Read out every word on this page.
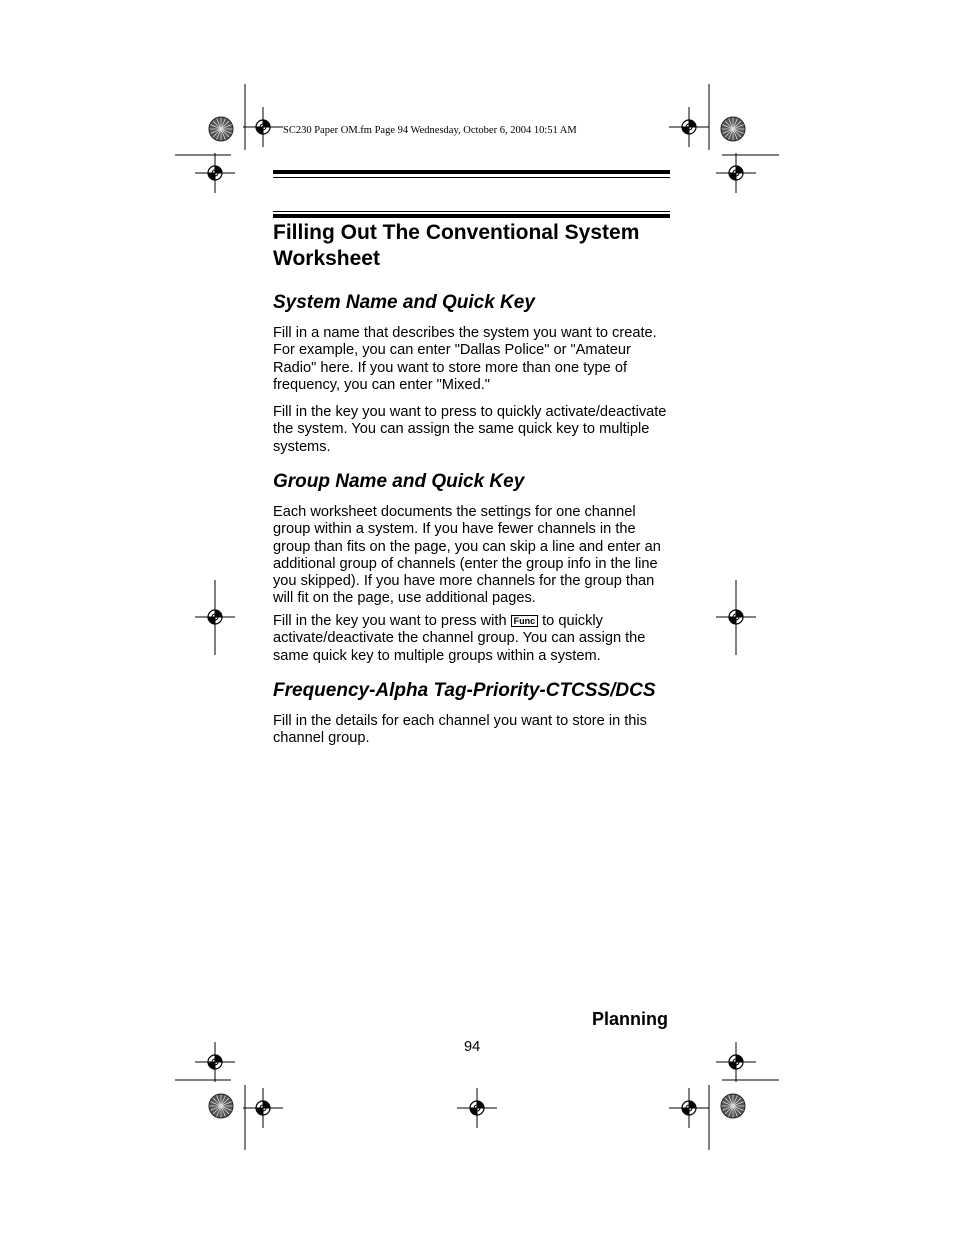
SC230 Paper OM.fm Page 94 Wednesday, October 6, 2004 10:51 AM
Filling Out The Conventional System Worksheet
System Name and Quick Key

Fill in a name that describes the system you want to create. For example, you can enter "Dallas Police" or "Amateur Radio" here. If you want to store more than one type of frequency, you can enter "Mixed."

Fill in the key you want to press to quickly activate/deactivate the system. You can assign the same quick key to multiple systems.

Group Name and Quick Key

Each worksheet documents the settings for one channel group within a system. If you have fewer channels in the group than fits on the page, you can skip a line and enter an additional group of channels (enter the group info in the line you skipped). If you have more channels for the group than will fit on the page, use additional pages.

Fill in the key you want to press with Func to quickly activate/deactivate the channel group. You can assign the same quick key to multiple groups within a system.

Frequency-Alpha Tag-Priority-CTCSS/DCS

Fill in the details for each channel you want to store in this channel group.

Planning
94
